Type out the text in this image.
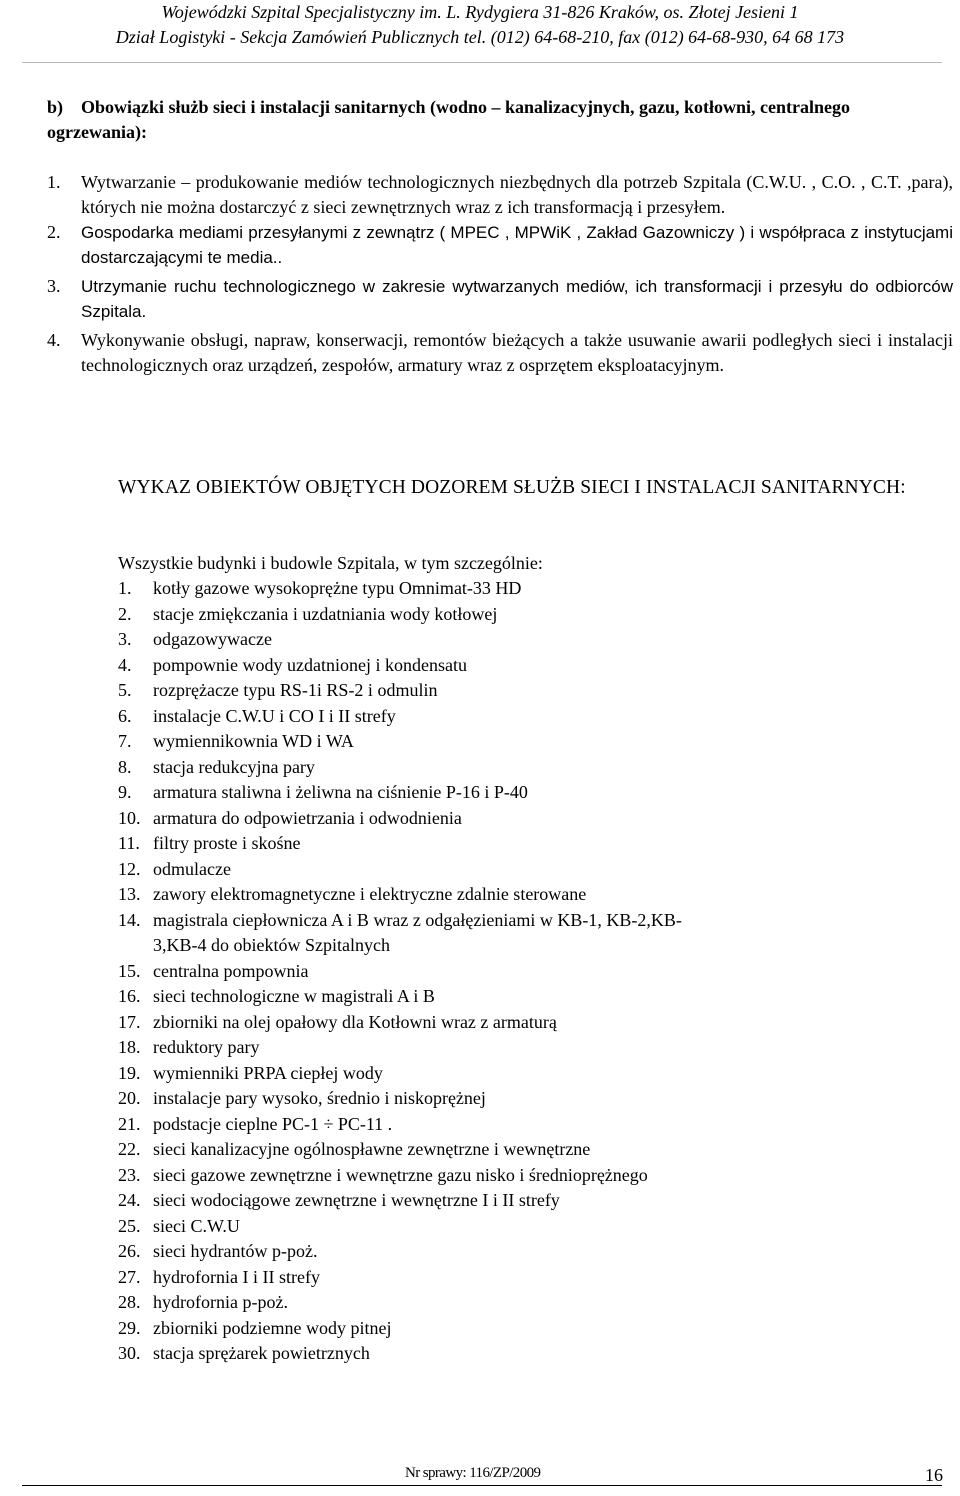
Wojewódzki Szpital Specjalistyczny im. L. Rydygiera 31-826 Kraków, os. Złotej Jesieni 1
Dział Logistyki - Sekcja Zamówień Publicznych tel. (012) 64-68-210, fax (012) 64-68-930, 64 68 173
b) Obowiązki służb sieci i instalacji sanitarnych (wodno – kanalizacyjnych, gazu, kotłowni, centralnego ogrzewania):
1. Wytwarzanie – produkowanie mediów technologicznych niezbędnych dla potrzeb Szpitala (C.W.U. , C.O. , C.T. ,para), których nie można dostarczyć z sieci zewnętrznych wraz z ich transformacją i przesyłem.
2. Gospodarka mediami przesyłanymi z zewnątrz ( MPEC , MPWiK , Zakład Gazowniczy ) i współpraca z instytucjami dostarczającymi te media..
3. Utrzymanie ruchu technologicznego w zakresie wytwarzanych mediów, ich transformacji i przesyłu do odbiorców Szpitala.
4. Wykonywanie obsługi, napraw, konserwacji, remontów bieżących a także usuwanie awarii podległych sieci i instalacji technologicznych oraz urządzeń, zespołów, armatury wraz z osprzętem eksploatacyjnym.
WYKAZ OBIEKTÓW OBJĘTYCH DOZOREM SŁUŻB SIECI I INSTALACJI SANITARNYCH:
Wszystkie budynki i budowle Szpitala, w tym szczególnie:
1. kotły gazowe wysokoprężne typu Omnimat-33 HD
2. stacje zmiękczania i uzdatniania wody kotłowej
3. odgazowywacze
4. pompownie wody uzdatnionej i kondensatu
5. rozprężacze typu RS-1i RS-2 i odmulin
6. instalacje C.W.U i CO I i II strefy
7. wymiennikownia WD i WA
8. stacja redukcyjna pary
9. armatura staliwna i żeliwna na ciśnienie P-16 i P-40
10. armatura do odpowietrzania i odwodnienia
11. filtry proste i skośne
12. odmulacze
13. zawory elektromagnetyczne i elektryczne zdalnie sterowane
14. magistrala ciepłownicza A i B wraz z odgałęzieniami w KB-1, KB-2,KB-3,KB-4 do obiektów Szpitalnych
15. centralna pompownia
16. sieci technologiczne w magistrali A i B
17. zbiorniki na olej opałowy dla Kotłowni wraz z armaturą
18. reduktory pary
19. wymienniki PRPA ciepłej wody
20. instalacje pary wysoko, średnio i niskoprężnej
21. podstacje cieplne PC-1 ÷ PC-11 .
22. sieci kanalizacyjne ogólnospławne zewnętrzne i wewnętrzne
23. sieci gazowe zewnętrzne i wewnętrzne gazu nisko i średnioprężnego
24. sieci wodociągowe zewnętrzne i wewnętrzne I i II strefy
25. sieci C.W.U
26. sieci hydrantów p-poż.
27. hydrofornia I i II strefy
28. hydrofornia p-poż.
29. zbiorniki podziemne wody pitnej
30. stacja sprężarek powietrznych
Nr sprawy: 116/ZP/2009	16
